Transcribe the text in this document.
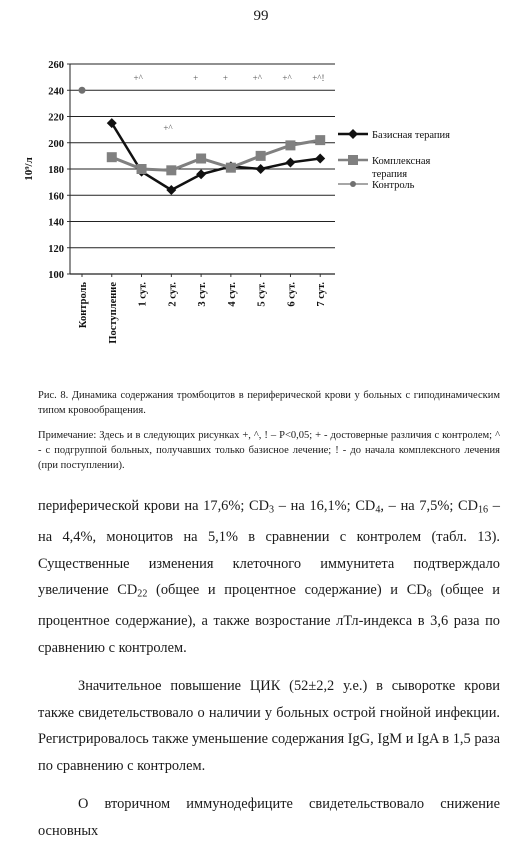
99
100
120
140
160
180
200
220
240
260
10⁹/л
Контроль Поступление 1 сут. 2 сут. 3 сут. 4 сут. 5 сут. 6 сут. 7 сут.
+^
+^
+	+	+^ +^ +^!
Базисная терапия
Комплексная
терапия
Контроль
Рис. 8. Динамика содержания тромбоцитов в периферической крови у больных с гиподинамическим типом кровообращения.
Примечание: Здесь и в следующих рисунках +, ^, ! – P<0,05; + - достоверные различия с контролем; ^ - с подгруппой больных, получавших только базисное лечение; ! - до начала комплексного лечения (при поступлении).

периферической крови на 17,6%; $CD_3$ – на 16,1%; $CD_4$, – на 7,5%; $CD_{16}$ – на 4,4%, моноцитов на 5,1% в сравнении с контролем (табл. 13). Существенные изменения клеточного иммунитета подтверждало увеличение $CD_{22}$ (общее и процентное содержание) и $CD_8$ (общее и процентное содержание), а также возростание лТл-индекса в 3,6 раза по сравнению с контролем.

Значительное повышение ЦИК (52±2,2 у.е.) в сыворотке крови также свидетельствовало о наличии у больных острой гнойной инфекции. Регистрировалось также уменьшение содержания IgG, IgM и IgA в 1,5 раза по сравнению с контролем.

О вторичном иммунодефиците свидетельствовало снижение основных
